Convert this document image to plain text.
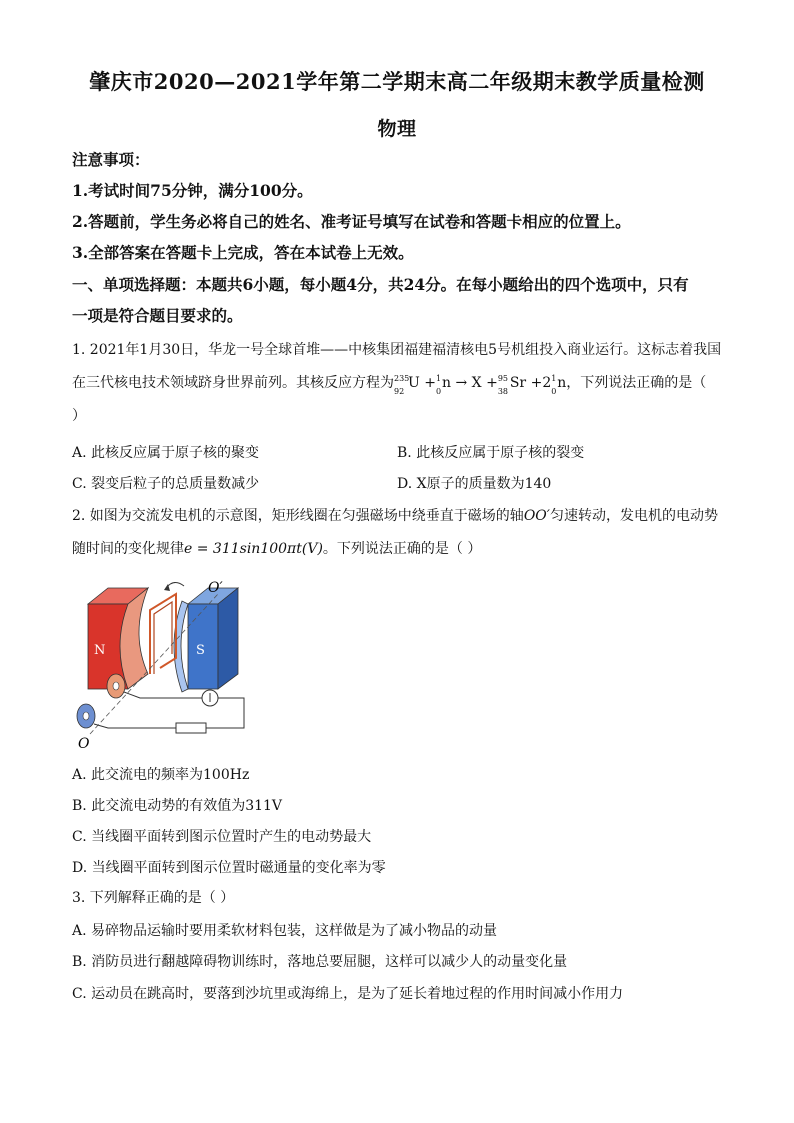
肇庆市2020—2021学年第二学期末高二年级期末教学质量检测
物理
注意事项：
1.考试时间75分钟，满分100分。
2.答题前，学生务必将自己的姓名、准考证号填写在试卷和答题卡相应的位置上。
3.全部答案在答题卡上完成，答在本试卷上无效。
一、单项选择题：本题共6小题，每小题4分，共24分。在每小题给出的四个选项中，只有
一项是符合题目要求的。
1. 2021年1月30日，华龙一号全球首堆——中核集团福建福清核电5号机组投入商业运行。这标志着我国
在三代核电技术领域跻身世界前列。其核反应方程为 235
92
U + 1
0
n → X + 95
38
Sr +2 1
0
n，下列说法正确的是（
）
A. 此核反应属于原子核的聚变	B. 此核反应属于原子核的裂变
C. 裂变后粒子的总质量数减少	D. X原子的质量数为140
2. 如图为交流发电机的示意图，矩形线圈在匀强磁场中绕垂直于磁场的轴OO′匀速转动，发电机的电动势
随时间的变化规律e = 311sin100πt(V)。下列说法正确的是（ ）
N	S
O′
O
A. 此交流电的频率为100Hz
B. 此交流电动势的有效值为311V
C. 当线圈平面转到图示位置时产生的电动势最大
D. 当线圈平面转到图示位置时磁通量的变化率为零
3. 下列解释正确的是（ ）
A. 易碎物品运输时要用柔软材料包装，这样做是为了减小物品的动量
B. 消防员进行翻越障碍物训练时，落地总要屈腿，这样可以减少人的动量变化量
C. 运动员在跳高时，要落到沙坑里或海绵上，是为了延长着地过程的作用时间减小作用力
